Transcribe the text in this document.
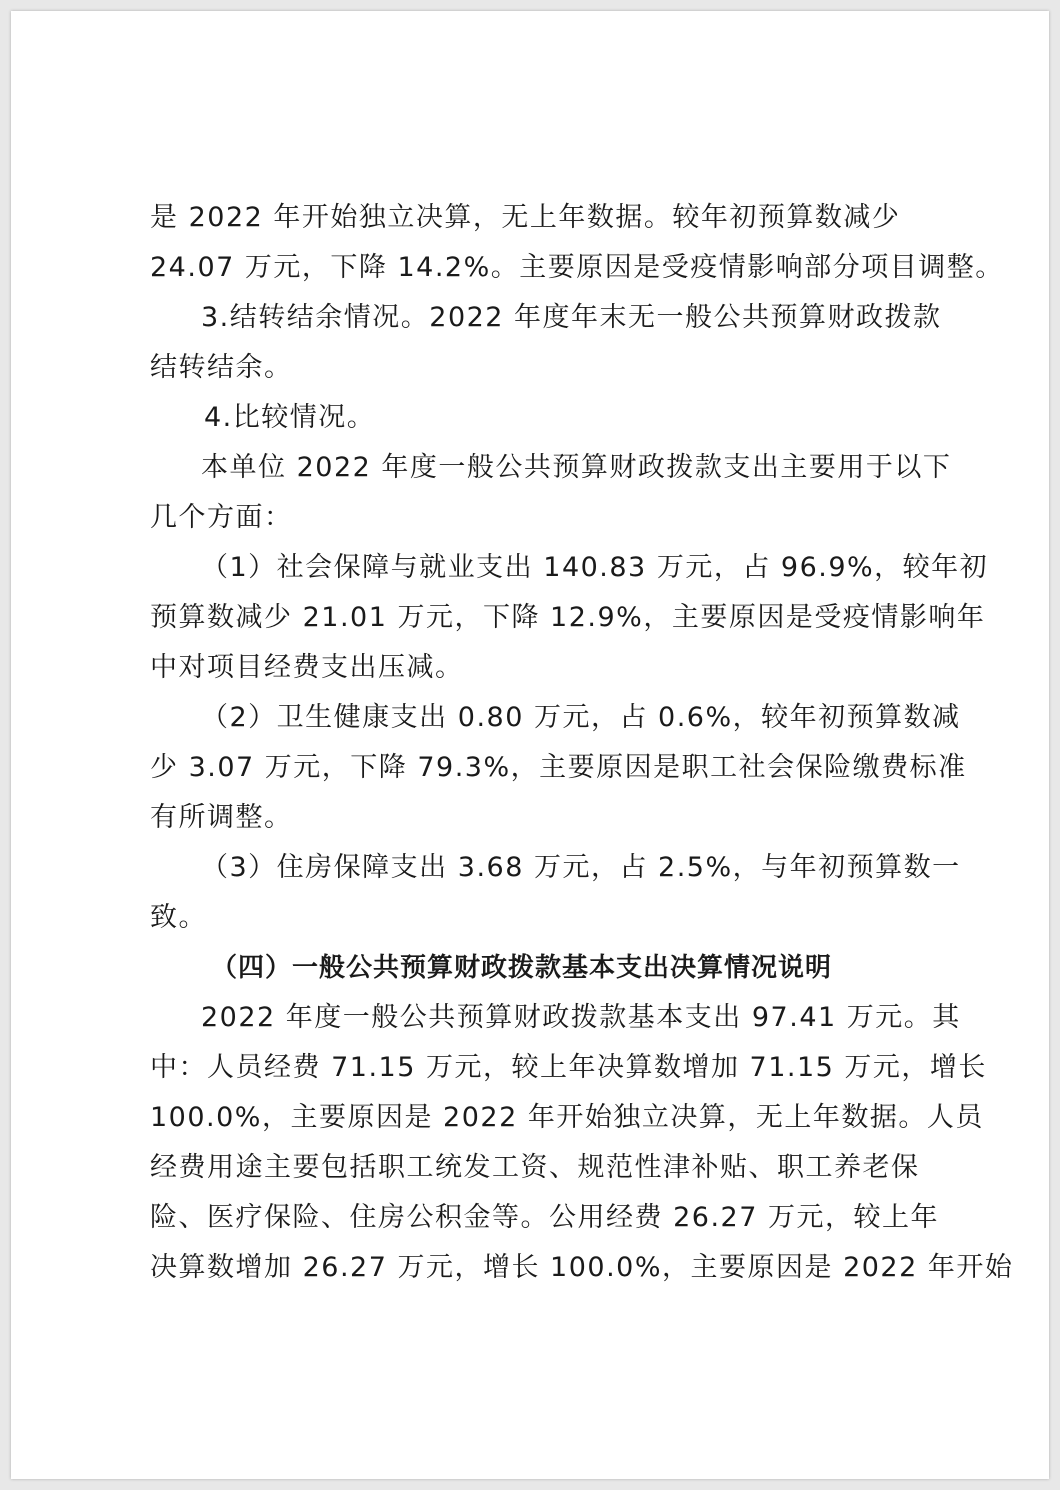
是 2022 年开始独立决算，无上年数据。较年初预算数减少
24.07 万元，下降 14.2%。主要原因是受疫情影响部分项目调整。
3.结转结余情况。2022 年度年末无一般公共预算财政拨款
结转结余。
4.比较情况。
本单位 2022 年度一般公共预算财政拨款支出主要用于以下
几个方面：
（1）社会保障与就业支出 140.83 万元，占 96.9%，较年初
预算数减少 21.01 万元，下降 12.9%，主要原因是受疫情影响年
中对项目经费支出压减。
（2）卫生健康支出 0.80 万元，占 0.6%，较年初预算数减
少 3.07 万元，下降 79.3%，主要原因是职工社会保险缴费标准
有所调整。
（3）住房保障支出 3.68 万元，占 2.5%，与年初预算数一
致。
（四）一般公共预算财政拨款基本支出决算情况说明
2022 年度一般公共预算财政拨款基本支出 97.41 万元。其
中：人员经费 71.15 万元，较上年决算数增加 71.15 万元，增长
100.0%，主要原因是 2022 年开始独立决算，无上年数据。人员
经费用途主要包括职工统发工资、规范性津补贴、职工养老保
险、医疗保险、住房公积金等。公用经费 26.27 万元，较上年
决算数增加 26.27 万元，增长 100.0%，主要原因是 2022 年开始
